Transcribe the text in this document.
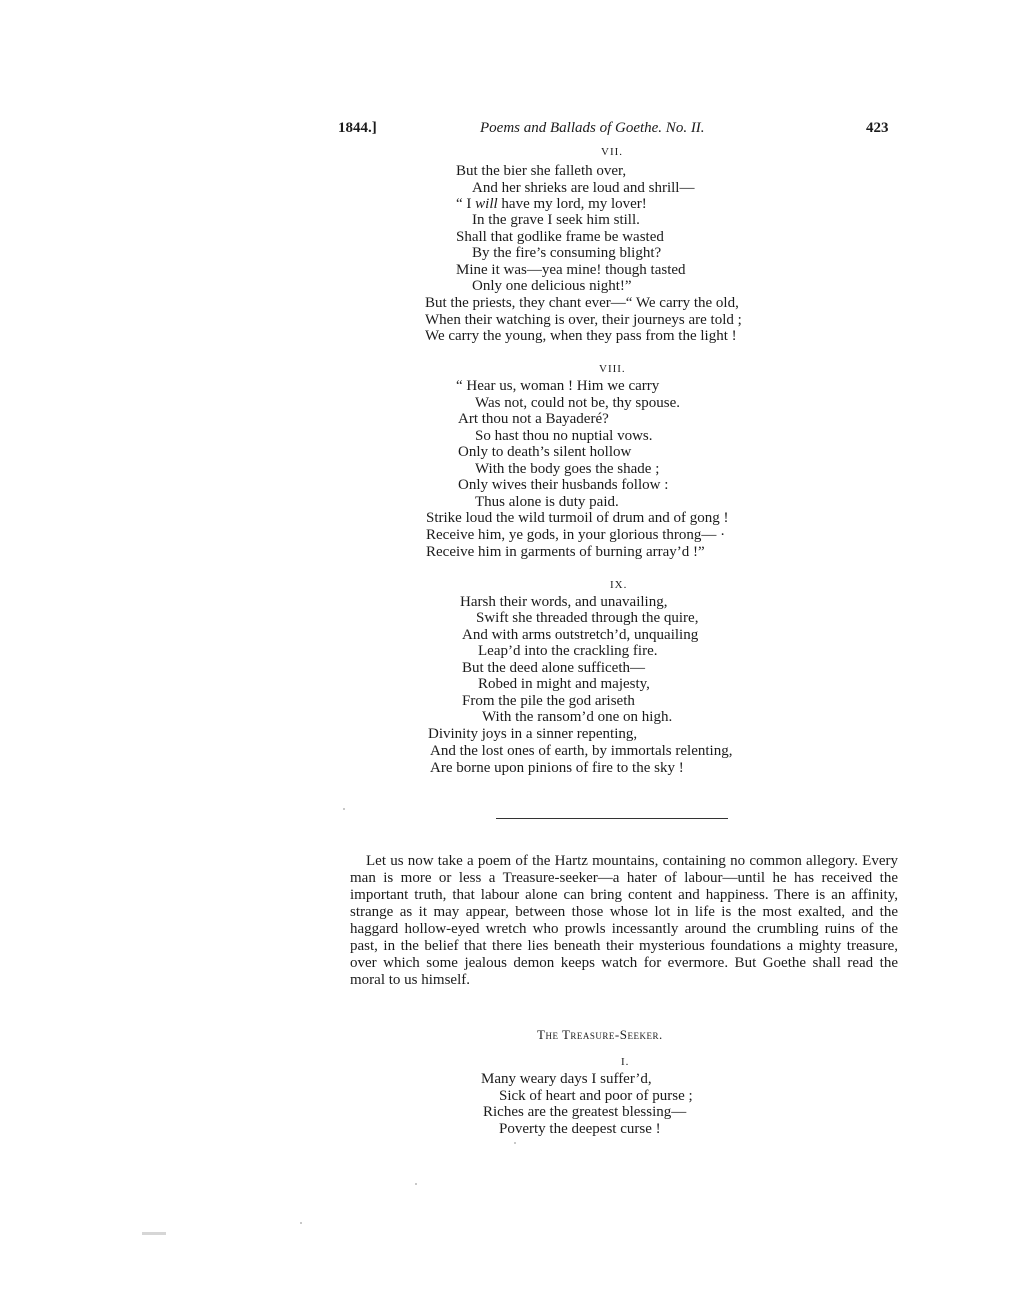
1844.]	Poems and Ballads of Goethe. No. II.	423
VII.
But the bier she falleth over,
And her shrieks are loud and shrill—
“ I will have my lord, my lover!
In the grave I seek him still.
Shall that godlike frame be wasted
By the fire’s consuming blight?
Mine it was—yea mine! though tasted
Only one delicious night!”
But the priests, they chant ever—“ We carry the old,
When their watching is over, their journeys are told ;
We carry the young, when they pass from the light !
VIII.
“ Hear us, woman ! Him we carry
Was not, could not be, thy spouse.
Art thou not a Bayaderé?
So hast thou no nuptial vows.
Only to death’s silent hollow
With the body goes the shade ;
Only wives their husbands follow :
Thus alone is duty paid.
Strike loud the wild turmoil of drum and of gong !
Receive him, ye gods, in your glorious throng— ·
Receive him in garments of burning array’d !”
IX.
Harsh their words, and unavailing,
Swift she threaded through the quire,
And with arms outstretch’d, unquailing
Leap’d into the crackling fire.
But the deed alone sufficeth—
Robed in might and majesty,
From the pile the god ariseth
With the ransom’d one on high.
Divinity joys in a sinner repenting,
And the lost ones of earth, by immortals relenting,
Are borne upon pinions of fire to the sky !

Let us now take a poem of the Hartz mountains, containing no common allegory. Every man is more or less a Treasure-seeker—a hater of labour—until he has received the important truth, that labour alone can bring content and happiness. There is an affinity, strange as it may appear, between those whose lot in life is the most exalted, and the haggard hollow-eyed wretch who prowls incessantly around the crumbling ruins of the past, in the belief that there lies beneath their mysterious foundations a mighty treasure, over which some jealous demon keeps watch for evermore. But Goethe shall read the moral to us himself.

The Treasure-Seeker.
I.
Many weary days I suffer’d,
Sick of heart and poor of purse ;
Riches are the greatest blessing—
Poverty the deepest curse !
